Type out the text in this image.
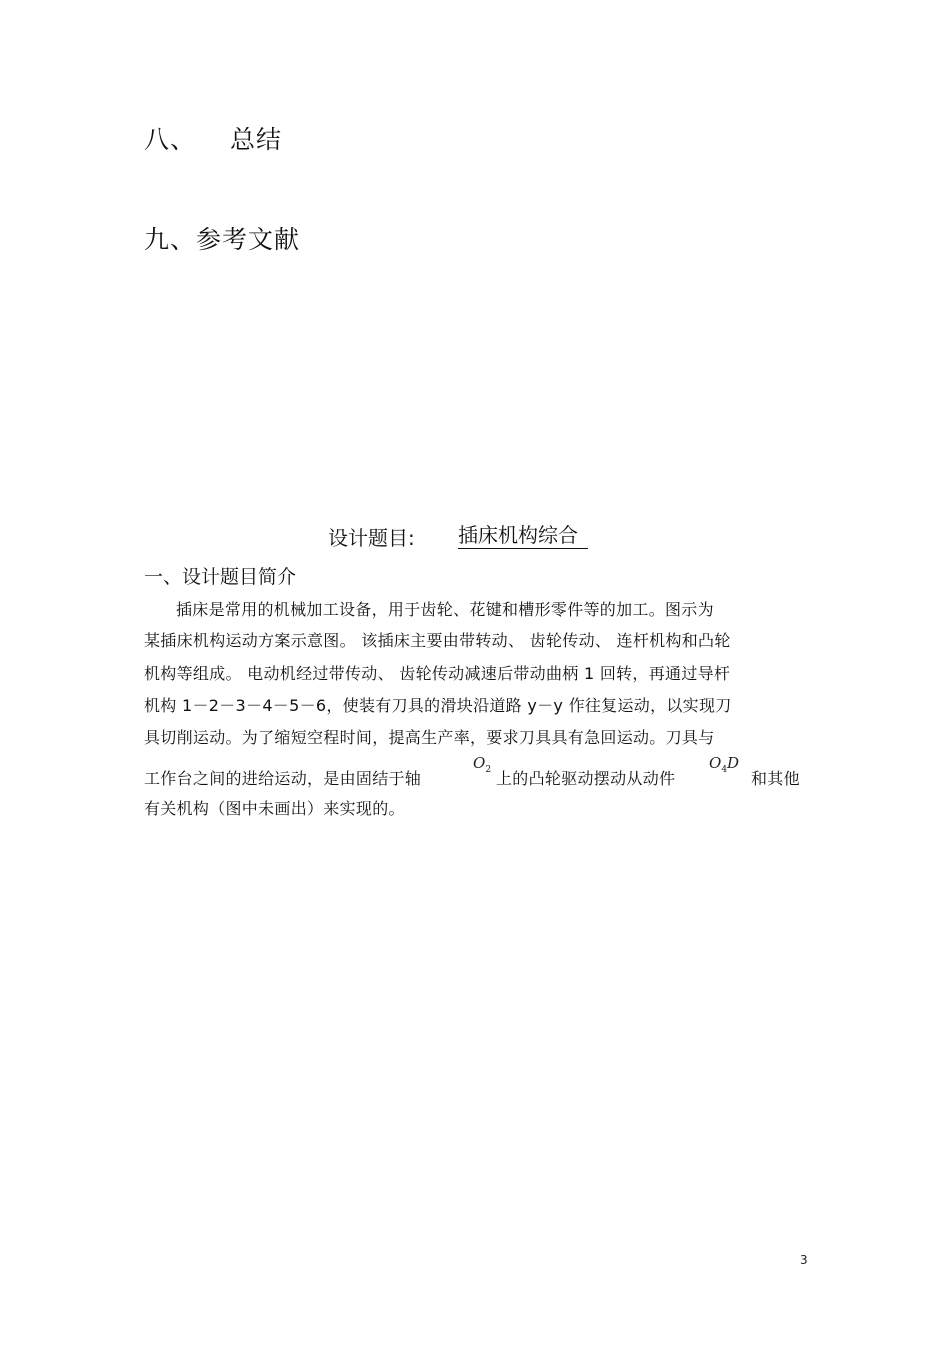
八、 总结
九、参考文献
设计题目: 插床机构综合
一、设计题目简介
插床是常用的机械加工设备，用于齿轮、花键和槽形零件等的加工。图示为
某插床机构运动方案示意图。 该插床主要由带转动、 齿轮传动、 连杆机构和凸轮
机构等组成。 电动机经过带传动、 齿轮传动减速后带动曲柄 1 回转，再通过导杆
机构 1－2－3－4－5－6，使装有刀具的滑块沿道路 y－y 作往复运动，以实现刀
具切削运动。为了缩短空程时间，提高生产率，要求刀具具有急回运动。刀具与
工作台之间的进给运动，是由固结于轴
$O_2$ 上的凸轮驱动摆动从动件
$O_4D$
和其他
有关机构（图中未画出）来实现的。
3
